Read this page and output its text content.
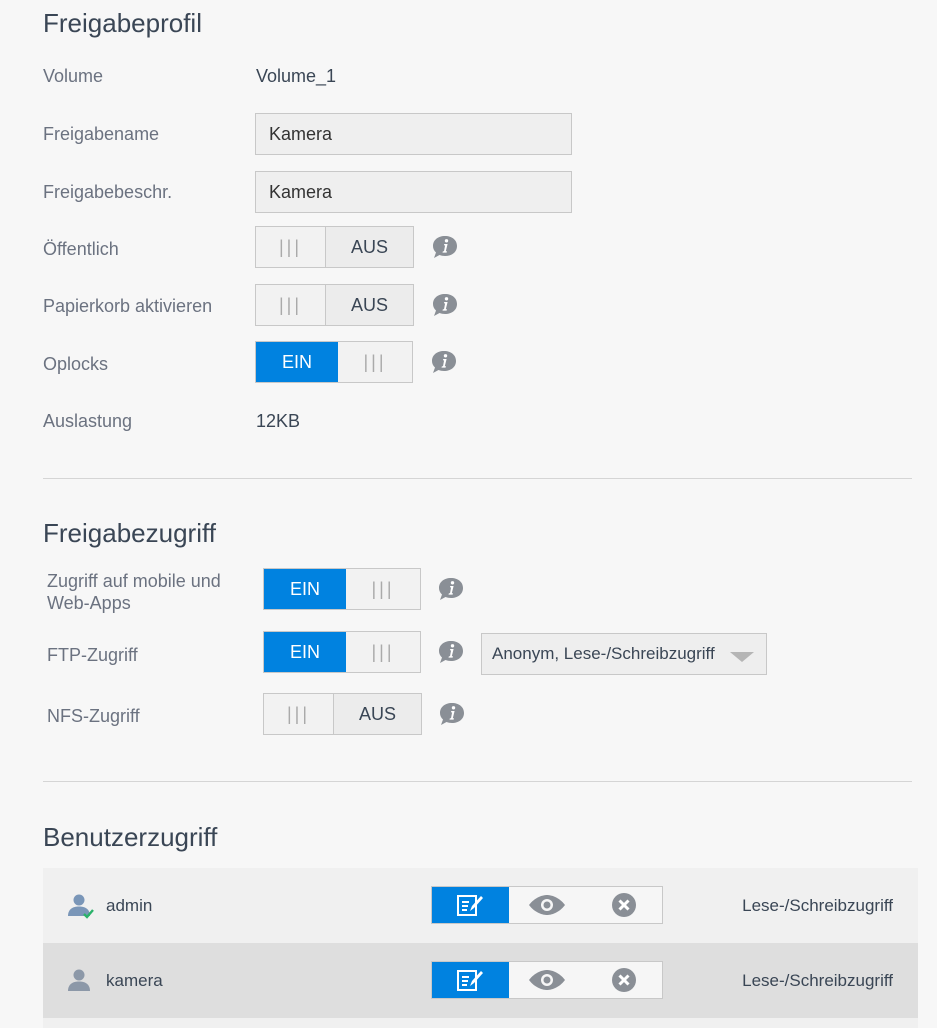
Freigabeprofil
Volume	Volume_1
Freigabename	Kamera
Freigabebeschr.	Kamera
Öffentlich	|||	AUS
Papierkorb aktivieren	|||	AUS
Oplocks	EIN	|||
Auslastung	12KB
Freigabezugriff
Zugriff auf mobile und
Web-Apps
EIN	|||
FTP-Zugriff	EIN	|||	Anonym, Lese-/Schreibzugriff
NFS-Zugriff	|||	AUS
Benutzerzugriff
admin	Lese-/Schreibzugriff
kamera	Lese-/Schreibzugriff
